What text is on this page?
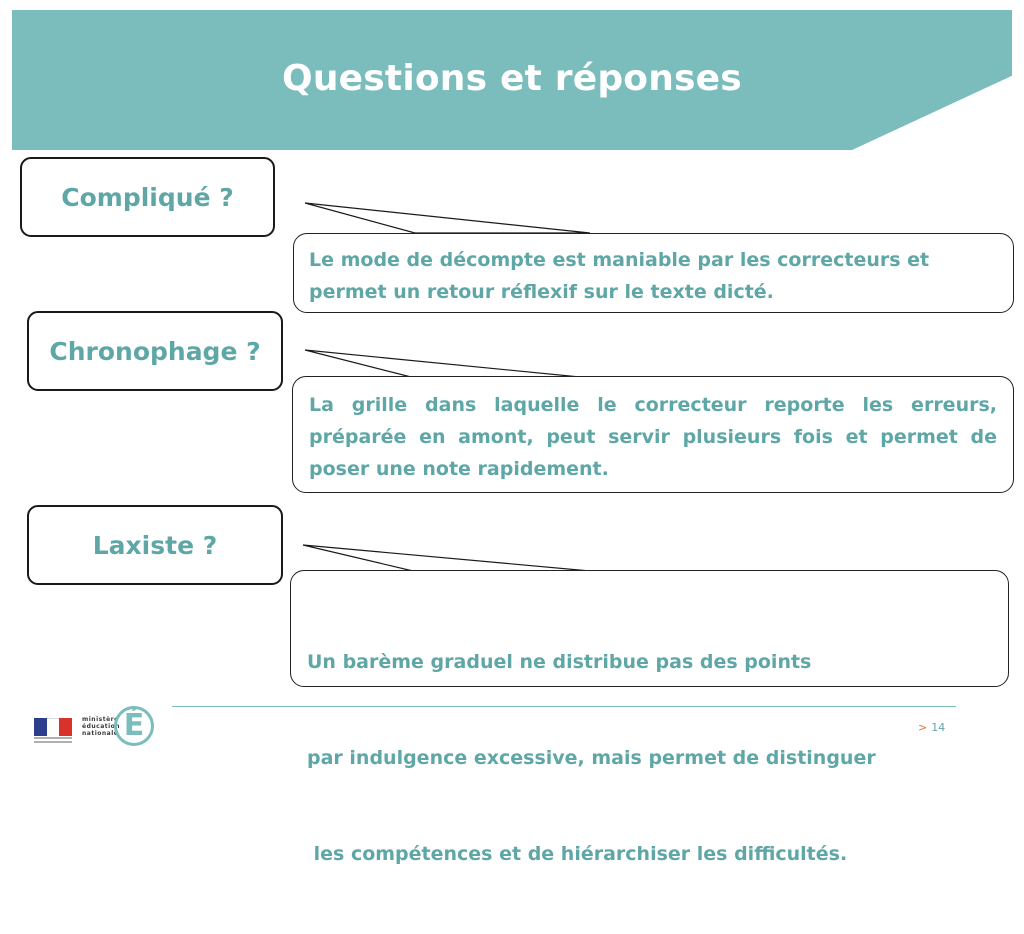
Questions et réponses
Compliqué ?
Le mode de décompte est maniable par les correcteurs et
permet un retour réflexif sur le texte dicté.
Chronophage ?
La grille dans laquelle le correcteur reporte les erreurs,
préparée en amont, peut servir plusieurs fois et permet de
poser une note rapidement.
Laxiste ?

Un barème graduel ne distribue pas des points

par indulgence excessive, mais permet de distinguer

les compétences et de hiérarchiser les difficultés.

ministère
éducation
nationale É	> 14
